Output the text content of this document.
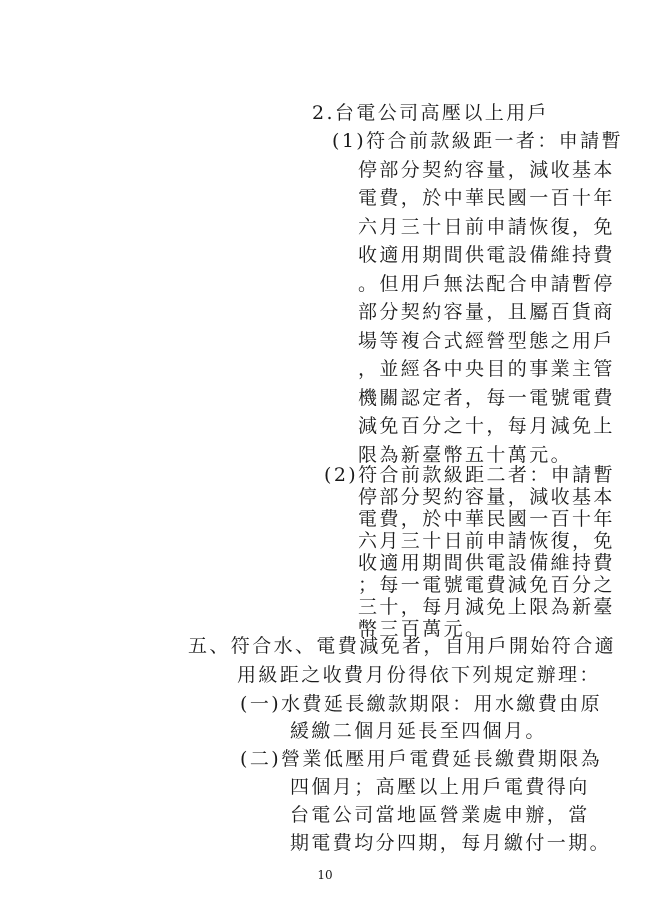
2.台電公司高壓以上用戶
(1)符合前款級距一者：申請暫
停部分契約容量，減收基本
電費，於中華民國一百十年
六月三十日前申請恢復，免
收適用期間供電設備維持費
。但用戶無法配合申請暫停
部分契約容量，且屬百貨商
場等複合式經營型態之用戶
，並經各中央目的事業主管
機關認定者，每一電號電費
減免百分之十，每月減免上
限為新臺幣五十萬元。
(2)符合前款級距二者：申請暫
停部分契約容量，減收基本
電費，於中華民國一百十年
六月三十日前申請恢復，免
收適用期間供電設備維持費
；每一電號電費減免百分之
三十，每月減免上限為新臺
幣三百萬元。
五、符合水、電費減免者，自用戶開始符合適
用級距之收費月份得依下列規定辦理：
(一)水費延長繳款期限：用水繳費由原
緩繳二個月延長至四個月。
(二)營業低壓用戶電費延長繳費期限為
四個月；高壓以上用戶電費得向
台電公司當地區營業處申辦，當
期電費均分四期，每月繳付一期。
10
